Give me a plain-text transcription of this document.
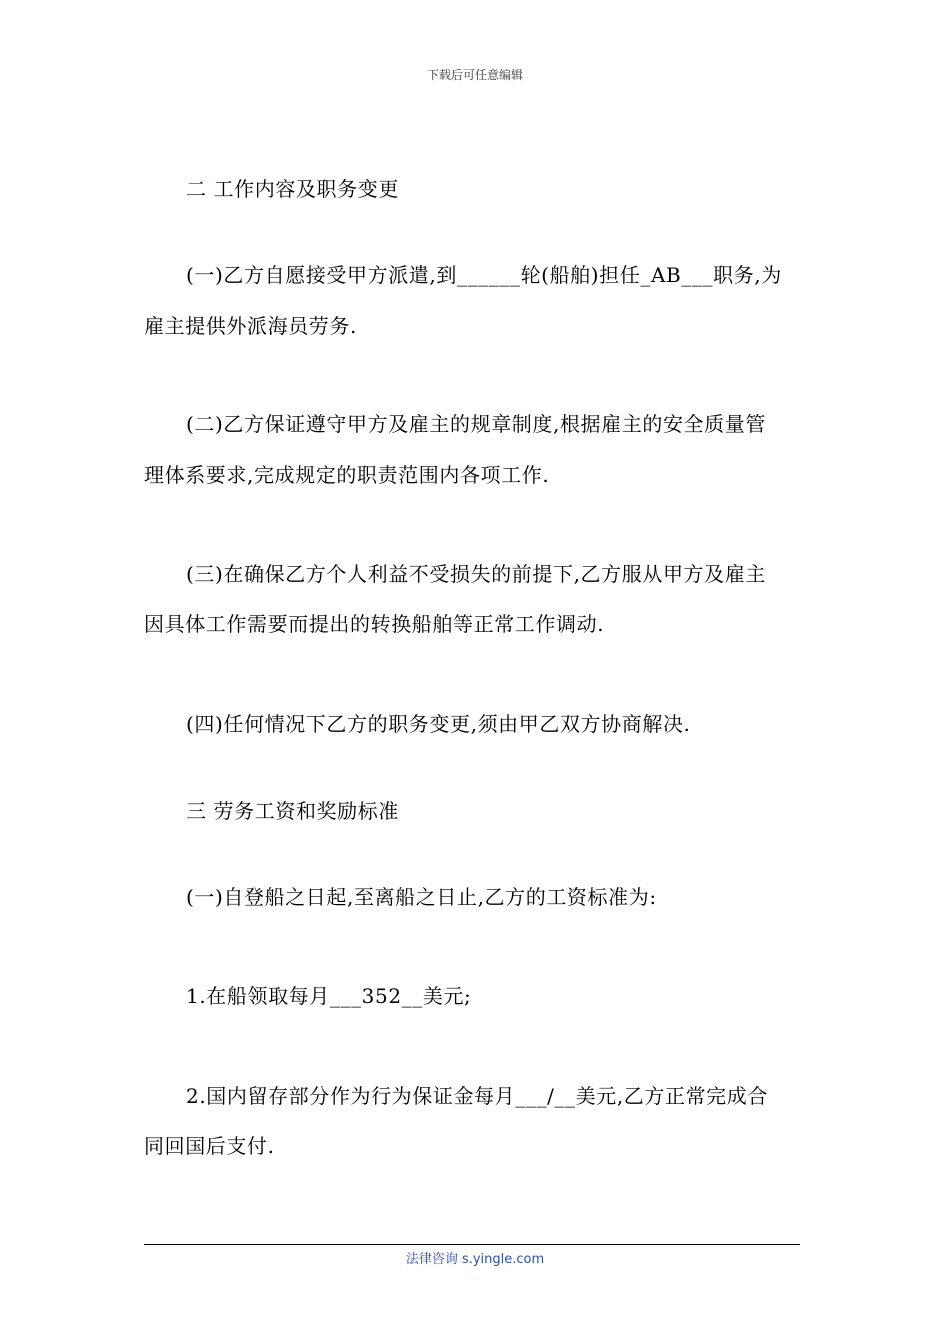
下载后可任意编辑
二 工作内容及职务变更
(一)乙方自愿接受甲方派遣,到______轮(船舶)担任_AB___职务,为
雇主提供外派海员劳务.
(二)乙方保证遵守甲方及雇主的规章制度,根据雇主的安全质量管
理体系要求,完成规定的职责范围内各项工作.
(三)在确保乙方个人利益不受损失的前提下,乙方服从甲方及雇主
因具体工作需要而提出的转换船舶等正常工作调动.
(四)任何情况下乙方的职务变更,须由甲乙双方协商解决.
三 劳务工资和奖励标准
(一)自登船之日起,至离船之日止,乙方的工资标准为:
1.在船领取每月___352__美元;
2.国内留存部分作为行为保证金每月___/__美元,乙方正常完成合
同回国后支付.
法律咨询 s.yingle.com
